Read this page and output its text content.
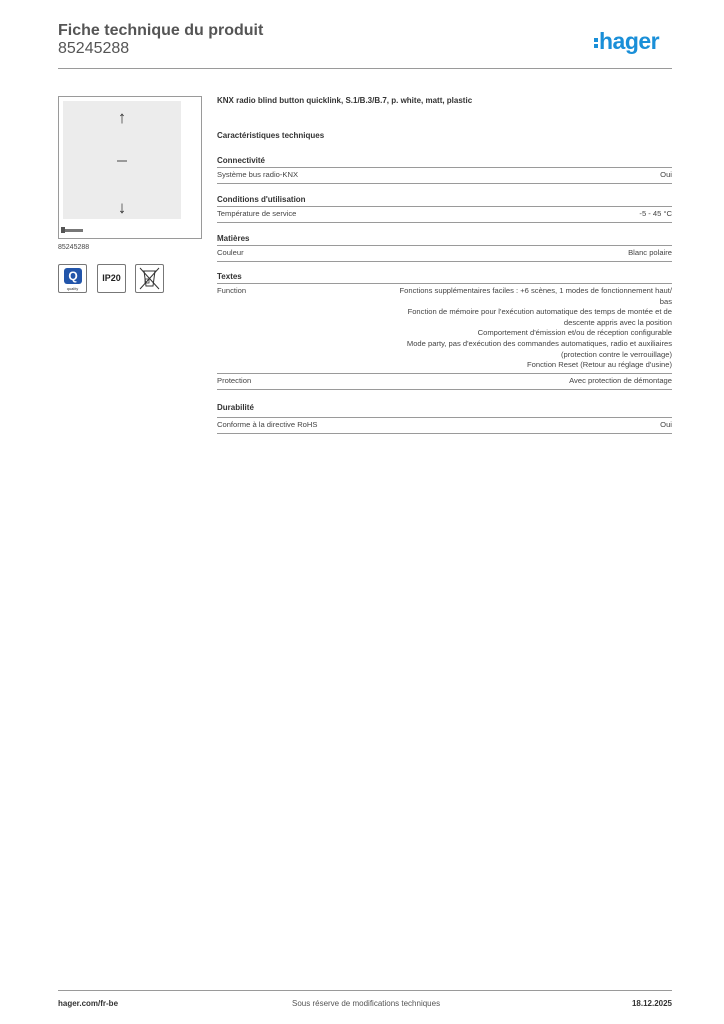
Fiche technique du produit
85245288	hager
↑
↓
85245288
Q
quality
IP20
KNX radio blind button quicklink, S.1/B.3/B.7, p. white, matt, plastic
Caractéristiques techniques
Connectivité
Système bus radio-KNX	Oui
Conditions d'utilisation
Température de service	-5 - 45 °C
Matières
Couleur	Blanc polaire
Textes
Function	Fonctions supplémentaires faciles : +6 scènes, 1 modes de fonctionnement haut/
bas
Fonction de mémoire pour l'exécution automatique des temps de montée et de
descente appris avec la position
Comportement d'émission et/ou de réception configurable
Mode party, pas d'exécution des commandes automatiques, radio et auxiliaires
(protection contre le verrouillage)
Fonction Reset (Retour au réglage d'usine)
Protection	Avec protection de démontage
Durabilité
Conforme à la directive RoHS	Oui
hager.com/fr-be	Sous réserve de modifications techniques	18.12.2025
